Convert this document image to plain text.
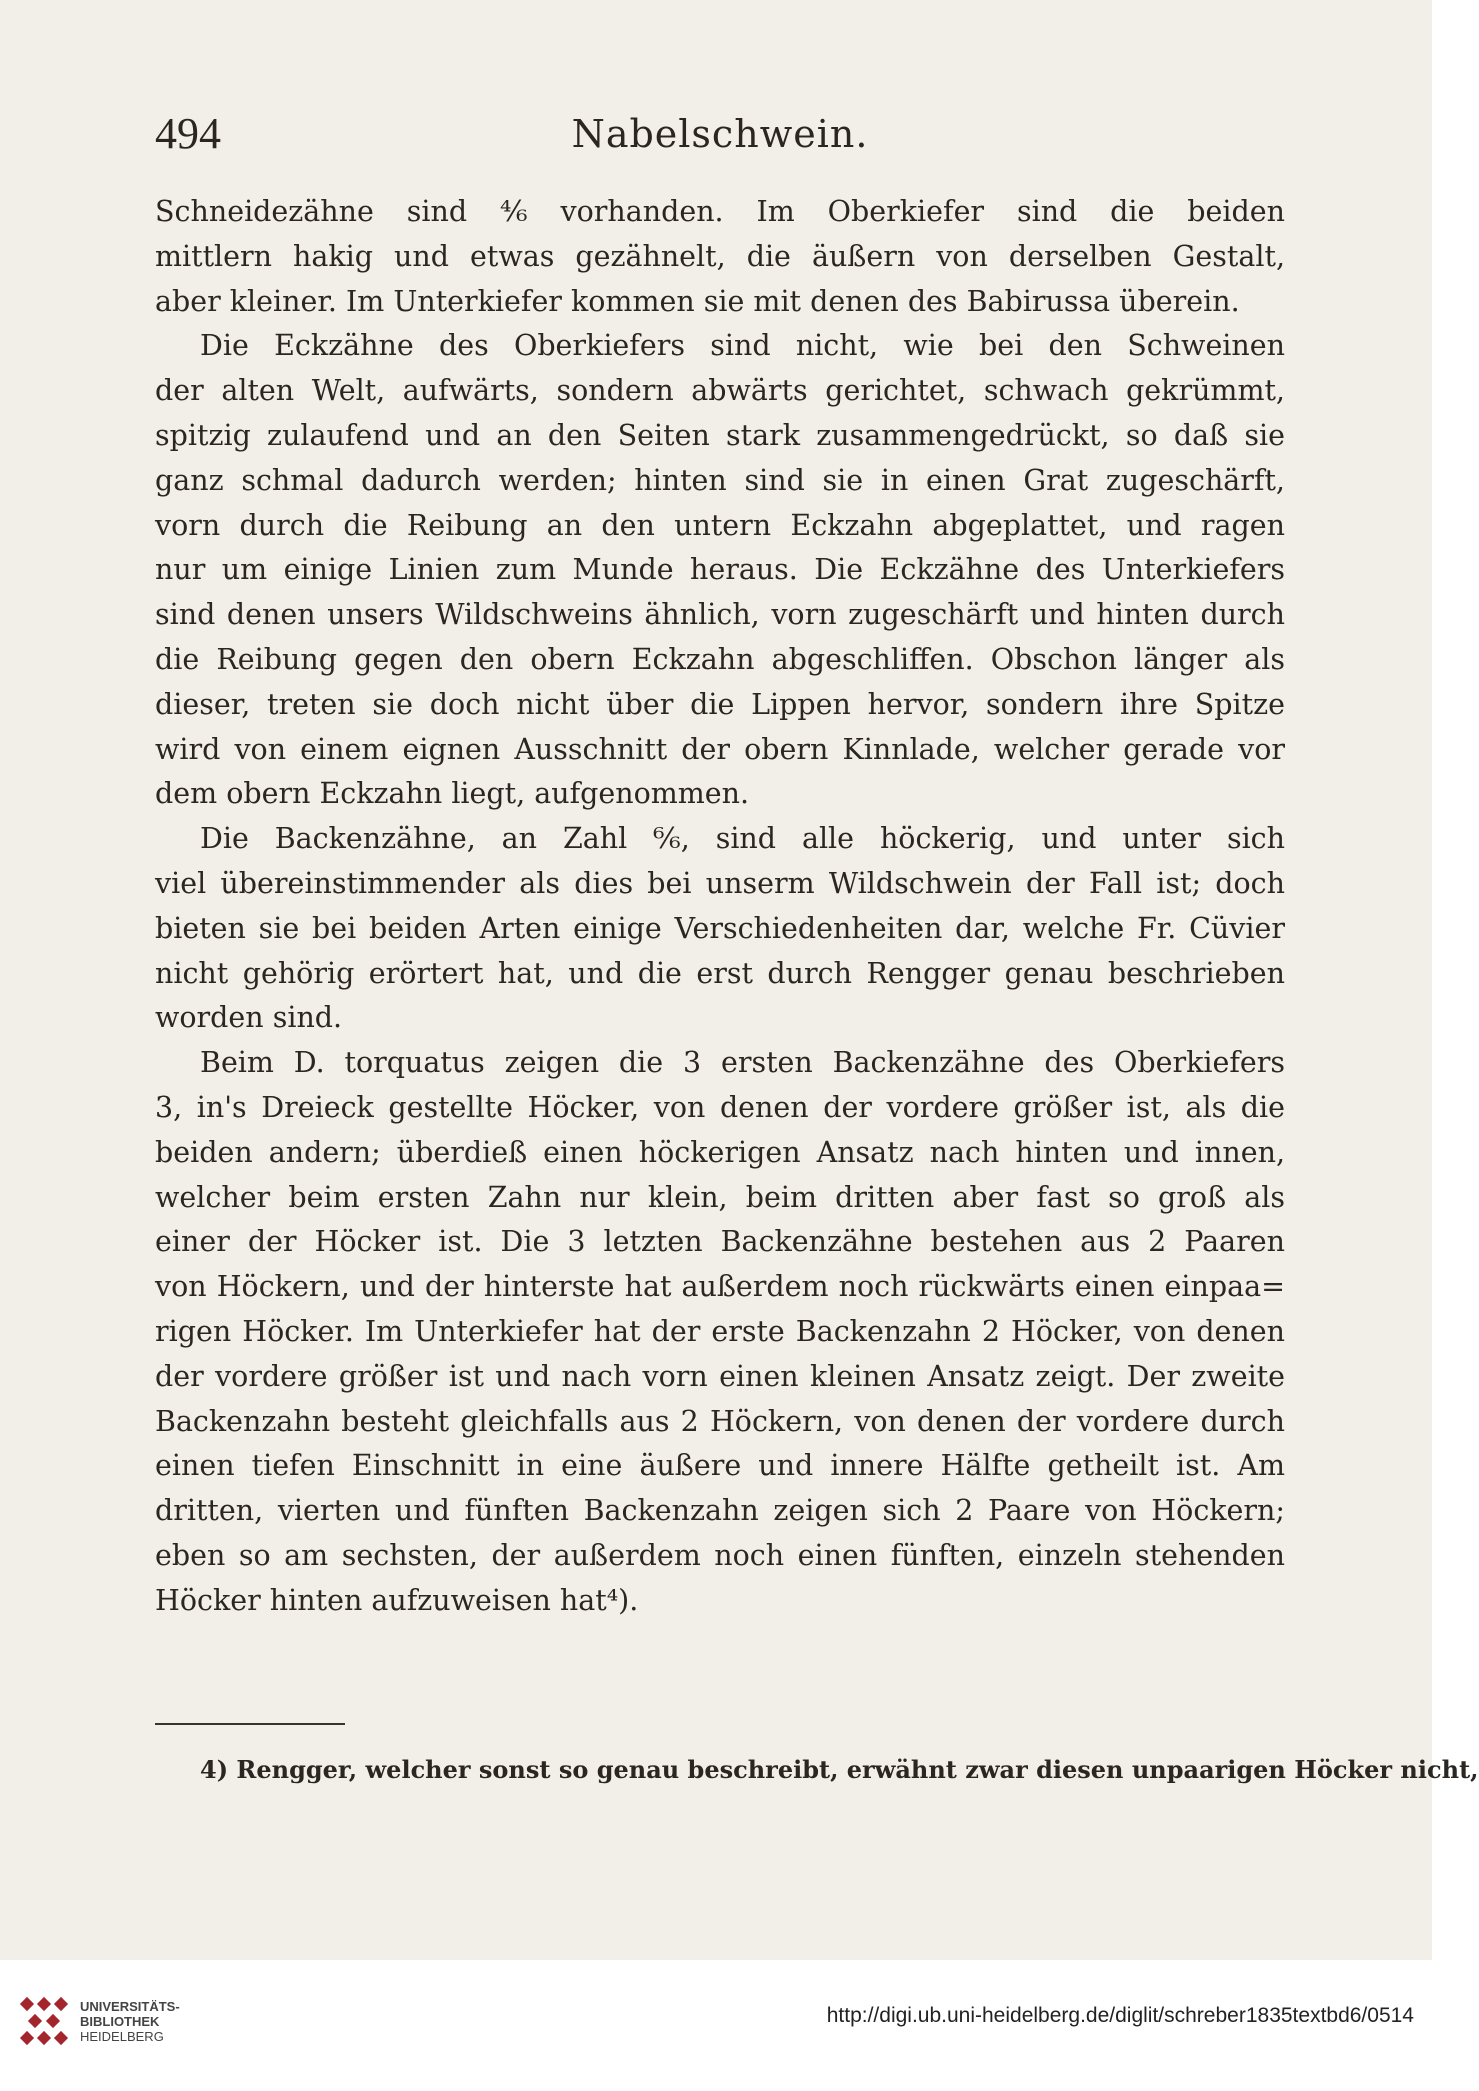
494	Nabelschwein.
Schneidezähne sind ⁴⁄₆ vorhanden. Im Oberkiefer sind die beiden
mittlern hakig und etwas gezähnelt, die äußern von derselben Gestalt,
aber kleiner. Im Unterkiefer kommen sie mit denen des Babirussa überein.
Die Eckzähne des Oberkiefers sind nicht, wie bei den Schweinen
der alten Welt, aufwärts, sondern abwärts gerichtet, schwach gekrümmt,
spitzig zulaufend und an den Seiten stark zusammengedrückt, so daß sie
ganz schmal dadurch werden; hinten sind sie in einen Grat zugeschärft,
vorn durch die Reibung an den untern Eckzahn abgeplattet, und ragen
nur um einige Linien zum Munde heraus. Die Eckzähne des Unterkiefers
sind denen unsers Wildschweins ähnlich, vorn zugeschärft und hinten durch
die Reibung gegen den obern Eckzahn abgeschliffen. Obschon länger als
dieser, treten sie doch nicht über die Lippen hervor, sondern ihre Spitze
wird von einem eignen Ausschnitt der obern Kinnlade, welcher gerade vor
dem obern Eckzahn liegt, aufgenommen.
Die Backenzähne, an Zahl ⁶⁄₆, sind alle höckerig, und unter sich
viel übereinstimmender als dies bei unserm Wildschwein der Fall ist; doch
bieten sie bei beiden Arten einige Verschiedenheiten dar, welche Fr. Cüvier
nicht gehörig erörtert hat, und die erst durch Rengger genau beschrieben
worden sind.
Beim D. torquatus zeigen die 3 ersten Backenzähne des Oberkiefers
3, in's Dreieck gestellte Höcker, von denen der vordere größer ist, als die
beiden andern; überdieß einen höckerigen Ansatz nach hinten und innen,
welcher beim ersten Zahn nur klein, beim dritten aber fast so groß als
einer der Höcker ist. Die 3 letzten Backenzähne bestehen aus 2 Paaren
von Höckern, und der hinterste hat außerdem noch rückwärts einen einpaa=
rigen Höcker. Im Unterkiefer hat der erste Backenzahn 2 Höcker, von denen
der vordere größer ist und nach vorn einen kleinen Ansatz zeigt. Der zweite
Backenzahn besteht gleichfalls aus 2 Höckern, von denen der vordere durch
einen tiefen Einschnitt in eine äußere und innere Hälfte getheilt ist. Am
dritten, vierten und fünften Backenzahn zeigen sich 2 Paare von Höckern;
eben so am sechsten, der außerdem noch einen fünften, einzeln stehenden
Höcker hinten aufzuweisen hat⁴).
4) Rengger, welcher sonst so genau beschreibt, erwähnt zwar diesen unpaarigen Höcker nicht,
UNIVERSITÄTS-
BIBLIOTHEK
HEIDELBERG
http://digi.ub.uni-heidelberg.de/diglit/schreber1835textbd6/0514
